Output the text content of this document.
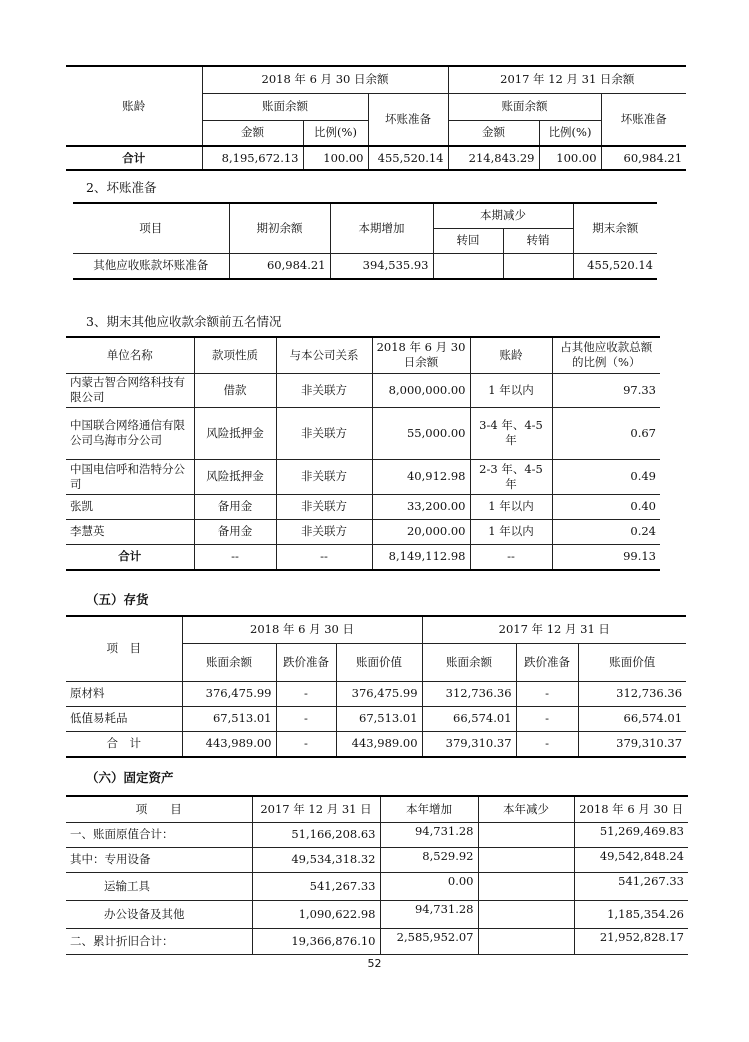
账龄	2018 年 6 月 30 日余额			2017 年 12 月 31 日余额		
	账面余额		坏账准备	账面余额		坏账准备
	金额	比例(%)		金额	比例(%)	
合计	8,195,672.13	100.00	455,520.14	214,843.29	100.00	60,984.21
2、坏账准备
项目	期初余额	本期增加	本期减少		期末余额
			转回	转销	
其他应收账款坏账准备	60,984.21	394,535.93			455,520.14
3、期末其他应收款余额前五名情况
单位名称	款项性质	与本公司关系	2018 年 6 月 30 日余额	账龄	占其他应收款总额的比例（%）
内蒙古智合网络科技有限公司	借款	非关联方	8,000,000.00	1 年以内	97.33
中国联合网络通信有限公司乌海市分公司	风险抵押金	非关联方	55,000.00	3-4 年、4-5 年	0.67
中国电信呼和浩特分公司	风险抵押金	非关联方	40,912.98	2-3 年、4-5 年	0.49
张凯	备用金	非关联方	33,200.00	1 年以内	0.40
李慧英	备用金	非关联方	20,000.00	1 年以内	0.24
合计	--	--	8,149,112.98	--	99.13
（五）存货
项　目	2018 年 6 月 30 日			2017 年 12 月 31 日		
	账面余额	跌价准备	账面价值	账面余额	跌价准备	账面价值
原材料	376,475.99	-	376,475.99	312,736.36	-	312,736.36
低值易耗品	67,513.01	-	67,513.01	66,574.01	-	66,574.01
合　计	443,989.00	-	443,989.00	379,310.37	-	379,310.37
（六）固定资产
项　　目	2017 年 12 月 31 日	本年增加	本年减少	2018 年 6 月 30 日
一、账面原值合计：	51,166,208.63	94,731.28		51,269,469.83
其中：专用设备	49,534,318.32	8,529.92		49,542,848.24
运输工具	541,267.33	0.00		541,267.33
办公设备及其他	1,090,622.98	94,731.28		1,185,354.26
二、累计折旧合计：	19,366,876.10	2,585,952.07		21,952,828.17
52
